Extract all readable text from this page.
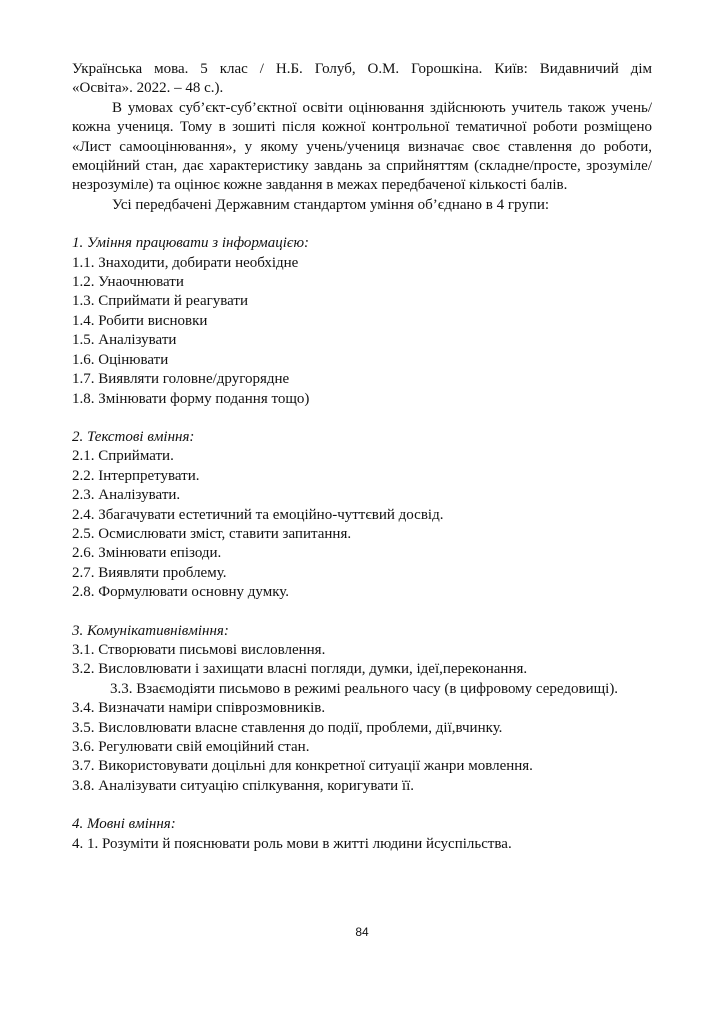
Українська мова. 5 клас / Н.Б. Голуб, О.М. Горошкіна. Київ: Видавничий дім

«Освіта». 2022. – 48 с.).

В умовах суб’єкт-суб’єктної освіти оцінювання здійснюють учитель також учень/кожна учениця. Тому в зошиті після кожної контрольної тематичної роботи розміщено «Лист самооцінювання», у якому учень/учениця визначає своє ставлення до роботи, емоційний стан, дає характеристику завдань за сприйняттям (складне/просте, зрозуміле/незрозуміле) та оцінює кожне завдання в межах передбаченої кількості балів.

Усі передбачені Державним стандартом уміння об’єднано в 4 групи:

1. Уміння працювати з інформацією:

1.1. Знаходити, добирати необхідне

1.2. Унаочнювати

1.3. Сприймати й реагувати

1.4. Робити висновки

1.5. Аналізувати

1.6. Оцінювати

1.7. Виявляти головне/другорядне

1.8. Змінювати форму подання тощо)

2. Текстові вміння:

2.1. Сприймати.

2.2. Інтерпретувати.

2.3. Аналізувати.

2.4. Збагачувати естетичний та емоційно-чуттєвий досвід.

2.5. Осмислювати зміст, ставити запитання.

2.6. Змінювати епізоди.

2.7. Виявляти проблему.

2.8. Формулювати основну думку.

3. Комунікативнівміння:

3.1. Створювати письмові висловлення.

3.2. Висловлювати і захищати власні погляди, думки, ідеї,переконання.

3.3. Взаємодіяти письмово в режимі реального часу (в цифровому середовищі).

3.4. Визначати наміри співрозмовників.

3.5. Висловлювати власне ставлення до події, проблеми, дії,вчинку.

3.6. Регулювати свій емоційний стан.

3.7. Використовувати доцільні для конкретної ситуації жанри мовлення.

3.8. Аналізувати ситуацію спілкування, коригувати її.

4. Мовні вміння:

4. 1. Розуміти й пояснювати роль мови в житті людини йсуспільства.

84
